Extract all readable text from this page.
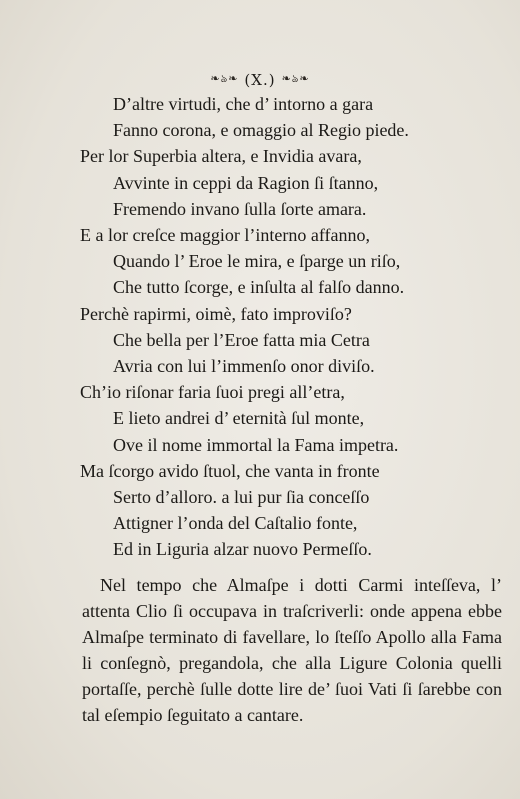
❧ঌ❧ (X.) ❧ঌ❧
D’altre virtudi, che d’ intorno a gara
Fanno corona, e omaggio al Regio piede.
Per lor Superbia altera, e Invidia avara,
Avvinte in ceppi da Ragion ſi ſtanno,
Fremendo invano ſulla ſorte amara.
E a lor creſce maggior l’interno affanno,
Quando l’ Eroe le mira, e ſparge un riſo,
Che tutto ſcorge, e inſulta al falſo danno.
Perchè rapirmi, oimè, fato improviſo?
Che bella per l’Eroe fatta mia Cetra
Avria con lui l’immenſo onor diviſo.
Ch’io riſonar faria ſuoi pregi all’etra,
E lieto andrei d’ eternità ſul monte,
Ove il nome immortal la Fama impetra.
Ma ſcorgo avido ſtuol, che vanta in fronte
Serto d’alloro. a lui pur ſia conceſſo
Attigner l’onda del Caſtalio fonte,
Ed in Liguria alzar nuovo Permeſſo.

Nel tempo che Almaſpe i dotti Carmi inteſſeva, l’ attenta Clio ſi occupava in traſcriverli: onde appena ebbe Almaſpe terminato di favellare, lo ſteſſo Apollo alla Fama li conſegnò, pregandola, che alla Ligure Colonia quelli portaſſe, perchè ſulle dotte lire de’ ſuoi Vati ſi ſarebbe con tal eſempio ſeguitato a cantare.
